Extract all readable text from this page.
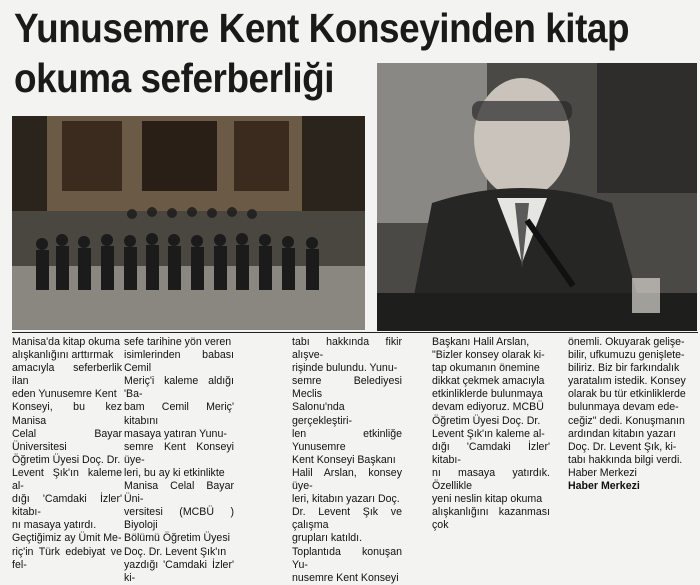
Yunusemre Kent Konseyinden kitap
okuma seferberliği

Manisa'da kitap okuma

alışkanlığını arttırmak

amacıyla seferberlik ilan

eden Yunusemre Kent

Konseyi, bu kez Manisa

Celal Bayar Üniversitesi

Öğretim Üyesi Doç. Dr.

Levent Şık'ın kaleme al-

dığı 'Camdaki İzler' kitabı-

nı masaya yatırdı.

Geçtiğimiz ay Ümit Me-

riç'in Türk edebiyat ve fel-

sefe tarihine yön veren

isimlerinden babası Cemil

Meriç'i kaleme aldığı 'Ba-

bam Cemil Meriç' kitabını

masaya yatıran Yunu-

semre Kent Konseyi üye-

leri, bu ay ki etkinlikte

Manisa Celal Bayar Üni-

versitesi (MCBÜ ) Biyoloji

Bölümü Öğretim Üyesi

Doç. Dr. Levent Şık'ın

yazdığı 'Camdaki İzler' ki-

tabı hakkında fikir alışve-

rişinde bulundu. Yunu-

semre Belediyesi Meclis

Salonu'nda gerçekleştiri-

len etkinliğe Yunusemre

Kent Konseyi Başkanı

Halil Arslan, konsey üye-

leri, kitabın yazarı Doç.

Dr. Levent Şık ve çalışma

grupları katıldı.

Toplantıda konuşan Yu-

nusemre Kent Konseyi

Başkanı Halil Arslan,

"Bizler konsey olarak ki-

tap okumanın önemine

dikkat çekmek amacıyla

etkinliklerde bulunmaya

devam ediyoruz. MCBÜ

Öğretim Üyesi Doç. Dr.

Levent Şık'ın kaleme al-

dığı 'Camdaki İzler' kitabı-

nı masaya yatırdık. Özellikle

yeni neslin kitap okuma

alışkanlığını kazanması çok

önemli. Okuyarak gelişe-

bilir, ufkumuzu genişlete-

biliriz. Biz bir farkındalık

yaratalım istedik. Konsey

olarak bu tür etkinliklerde

bulunmaya devam ede-

ceğiz" dedi. Konuşmanın

ardından kitabın yazarı

Doç. Dr. Levent Şık, ki-

tabı hakkında bilgi verdi.

Haber Merkezi

Haber Merkezi
